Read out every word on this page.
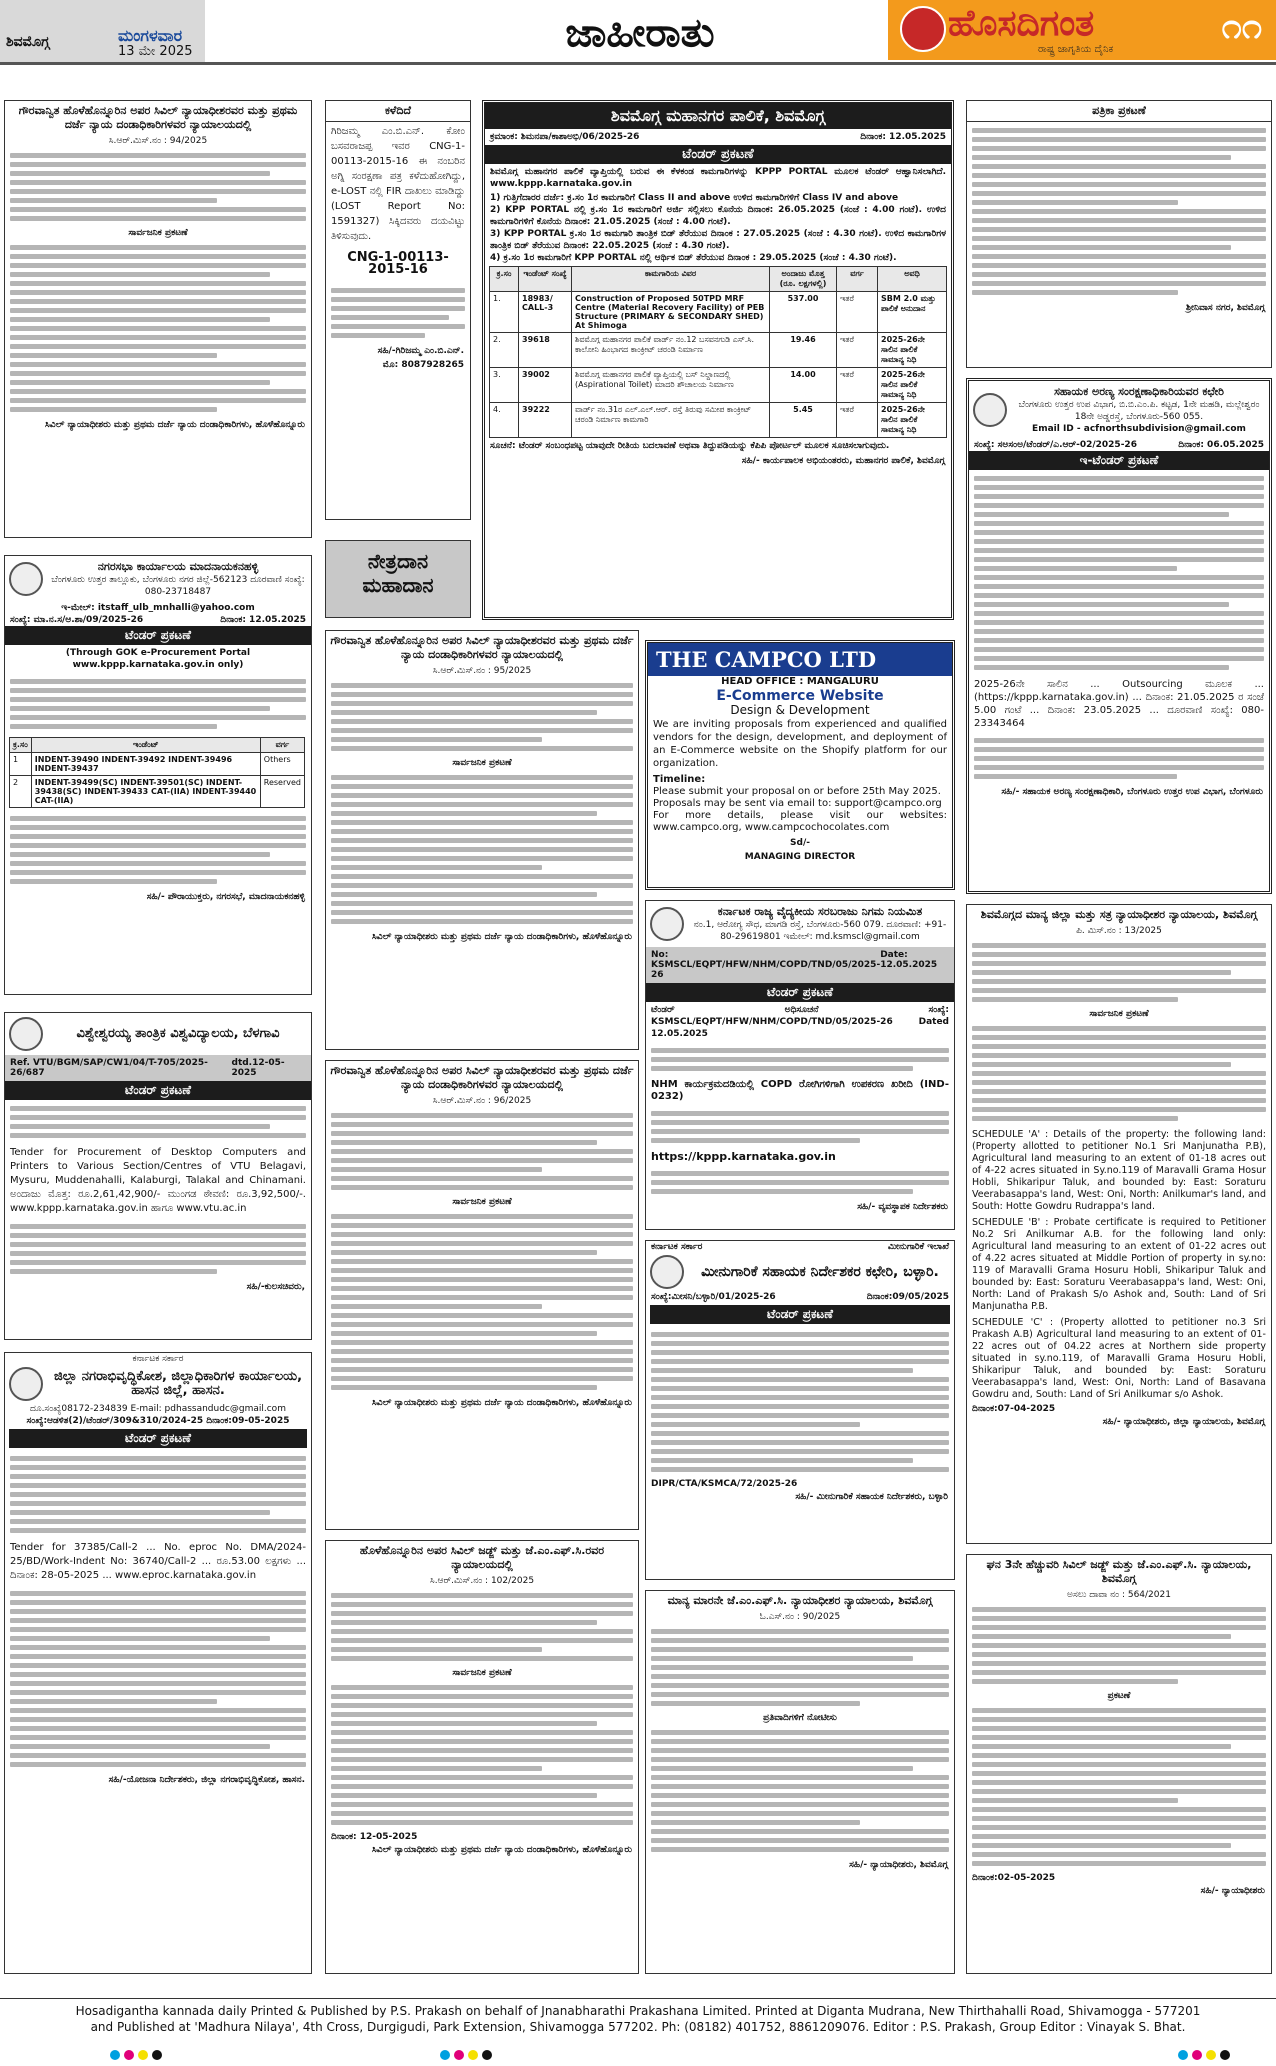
ಶಿವಮೊಗ್ಗ	ಮಂಗಳವಾರ
13 ಮೇ 2025	ಜಾಹೀರಾತು	ಹೊಸದಿಗಂತ
ರಾಷ್ಟ್ರ ಜಾಗೃತಿಯ ದೈನಿಕ
೧೧
ಗೌರವಾನ್ವಿತ ಹೊಳೆಹೊನ್ನೂರಿನ ಅಪರ ಸಿವಿಲ್ ನ್ಯಾಯಾಧೀಶರವರ ಮತ್ತು ಪ್ರಥಮ ದರ್ಜೆ ನ್ಯಾಯ ದಂಡಾಧಿಕಾರಿಗಳವರ ನ್ಯಾಯಾಲಯದಲ್ಲಿ
ಸಿ.ಆರ್.ಮಿಸ್.ನಂ : 94/2025
ಸಾರ್ವಜನಿಕ ಪ್ರಕಟಣೆ
ಸಿವಿಲ್ ನ್ಯಾಯಾಧೀಶರು ಮತ್ತು ಪ್ರಥಮ ದರ್ಜೆ ನ್ಯಾಯ ದಂಡಾಧಿಕಾರಿಗಳು, ಹೊಳೆಹೊನ್ನೂರು
ನಗರಸಭಾ ಕಾರ್ಯಾಲಯ ಮಾದನಾಯಕನಹಳ್ಳಿ
ಬೆಂಗಳೂರು ಉತ್ತರ ತಾಲ್ಲೂಕು, ಬೆಂಗಳೂರು ನಗರ ಜಿಲ್ಲೆ-562123 ದೂರವಾಣಿ ಸಂಖ್ಯೆ: 080-23718487
ಇ-ಮೇಲ್: itstaff_ulb_mnhalli@yahoo.com
ಸಂಖ್ಯೆ: ಮಾ.ನ.ಸ/ಆ.ಶಾ/09/2025-26	ದಿನಾಂಕ: 12.05.2025
ಟೆಂಡರ್ ಪ್ರಕಟಣೆ
(Through GOK e-Procurement Portal www.kppp.karnataka.gov.in only)
ಕ್ರ.ಸಂ	ಇಂಡೆಂಟ್	ವರ್ಗ
1	INDENT-39490 INDENT-39492 INDENT-39496 INDENT-39437	Others
2	INDENT-39499(SC) INDENT-39501(SC) INDENT-39438(SC) INDENT-39433 CAT-(IIA) INDENT-39440 CAT-(IIA)	Reserved
ಸಹಿ/- ಪೌರಾಯುಕ್ತರು, ನಗರಸಭೆ, ಮಾದನಾಯಕನಹಳ್ಳಿ
ವಿಶ್ವೇಶ್ವರಯ್ಯ ತಾಂತ್ರಿಕ ವಿಶ್ವವಿದ್ಯಾಲಯ, ಬೆಳಗಾವಿ
Ref. VTU/BGM/SAP/CW1/04/T-705/2025-26/687
dtd.12-05-2025
ಟೆಂಡರ್ ಪ್ರಕಟಣೆ
Tender for Procurement of Desktop Computers and Printers to Various Section/Centres of VTU Belagavi, Mysuru, Muddenahalli, Kalaburgi, Talakal and Chinamani. ಅಂದಾಜು ಮೊತ್ತ: ರೂ.2,61,42,900/- ಮುಂಗಡ ಠೇವಣಿ: ರೂ.3,92,500/-. www.kppp.karnataka.gov.in ಹಾಗೂ www.vtu.ac.in
ಸಹಿ/-ಕುಲಸಚಿವರು,
ಕರ್ನಾಟಕ ಸರ್ಕಾರ
ಜಿಲ್ಲಾ ನಗರಾಭಿವೃದ್ಧಿಕೋಶ, ಜಿಲ್ಲಾಧಿಕಾರಿಗಳ ಕಾರ್ಯಾಲಯ, ಹಾಸನ ಜಿಲ್ಲೆ, ಹಾಸನ.
ದೂ.ಸಂಖ್ಯೆ08172-234839 E-mail: pdhassandudc@gmail.com
ಸಂಖ್ಯೆ:ಆಡಳಿತ(2)/ಟೆಂಡರ್/309&310/2024-25 ದಿನಾಂಕ:09-05-2025
ಟೆಂಡರ್ ಪ್ರಕಟಣೆ
Tender for 37385/Call-2 ... No. eproc No. DMA/2024-25/BD/Work-Indent No: 36740/Call-2 ... ರೂ.53.00 ಲಕ್ಷಗಳು ... ದಿನಾಂಕ: 28-05-2025 ... www.eproc.karnataka.gov.in
ಸಹಿ/-ಯೋಜನಾ ನಿರ್ದೇಶಕರು, ಜಿಲ್ಲಾ ನಗರಾಭಿವೃದ್ಧಿಕೋಶ, ಹಾಸನ.
ಕಳೆದಿದೆ
ಗಿರಿಜಮ್ಮ ಎಂ.ಬಿ.ಎನ್. ಕೋಂ ಬಸವರಾಜಪ್ಪ ಇವರ CNG-1-00113-2015-16 ಈ ನಂಬರಿನ ಅಗ್ನಿ ಸಂರಕ್ಷಣಾ ಪತ್ರ ಕಳೆದುಹೋಗಿದ್ದು, e-LOST ನಲ್ಲಿ FIR ದಾಖಲು ಮಾಡಿದ್ದು (LOST Report No: 1591327) ಸಿಕ್ಕಿದವರು ದಯವಿಟ್ಟು ತಿಳಿಸುವುದು.
CNG-1-00113-2015-16
ಸಹಿ/-ಗಿರಿಜಮ್ಮ ಎಂ.ಬಿ.ಎನ್.
ಮೊ: 8087928265
ನೇತ್ರದಾನ
ಮಹಾದಾನ
ಗೌರವಾನ್ವಿತ ಹೊಳೆಹೊನ್ನೂರಿನ ಅಪರ ಸಿವಿಲ್ ನ್ಯಾಯಾಧೀಶರವರ ಮತ್ತು ಪ್ರಥಮ ದರ್ಜೆ ನ್ಯಾಯ ದಂಡಾಧಿಕಾರಿಗಳವರ ನ್ಯಾಯಾಲಯದಲ್ಲಿ
ಸಿ.ಆರ್.ಮಿಸ್.ನಂ : 95/2025
ಸಾರ್ವಜನಿಕ ಪ್ರಕಟಣೆ
ಸಿವಿಲ್ ನ್ಯಾಯಾಧೀಶರು ಮತ್ತು ಪ್ರಥಮ ದರ್ಜೆ ನ್ಯಾಯ ದಂಡಾಧಿಕಾರಿಗಳು, ಹೊಳೆಹೊನ್ನೂರು
ಗೌರವಾನ್ವಿತ ಹೊಳೆಹೊನ್ನೂರಿನ ಅಪರ ಸಿವಿಲ್ ನ್ಯಾಯಾಧೀಶರವರ ಮತ್ತು ಪ್ರಥಮ ದರ್ಜೆ ನ್ಯಾಯ ದಂಡಾಧಿಕಾರಿಗಳವರ ನ್ಯಾಯಾಲಯದಲ್ಲಿ
ಸಿ.ಆರ್.ಮಿಸ್.ನಂ : 96/2025
ಸಾರ್ವಜನಿಕ ಪ್ರಕಟಣೆ
ಸಿವಿಲ್ ನ್ಯಾಯಾಧೀಶರು ಮತ್ತು ಪ್ರಥಮ ದರ್ಜೆ ನ್ಯಾಯ ದಂಡಾಧಿಕಾರಿಗಳು, ಹೊಳೆಹೊನ್ನೂರು
ಹೊಳೆಹೊನ್ನೂರಿನ ಅಪರ ಸಿವಿಲ್ ಜಡ್ಜ್ ಮತ್ತು ಜೆ.ಎಂ.ಎಫ್.ಸಿ.ರವರ ನ್ಯಾಯಾಲಯದಲ್ಲಿ
ಸಿ.ಆರ್.ಮಿಸ್.ನಂ : 102/2025
ಸಾರ್ವಜನಿಕ ಪ್ರಕಟಣೆ
ದಿನಾಂಕ: 12-05-2025
ಸಿವಿಲ್ ನ್ಯಾಯಾಧೀಶರು ಮತ್ತು ಪ್ರಥಮ ದರ್ಜೆ ನ್ಯಾಯ ದಂಡಾಧಿಕಾರಿಗಳು, ಹೊಳೆಹೊನ್ನೂರು
ಶಿವಮೊಗ್ಗ ಮಹಾನಗರ ಪಾಲಿಕೆ, ಶಿವಮೊಗ್ಗ
ಕ್ರಮಾಂಕ: ಶಿಮನಪಾ/ಕಾಶಾಅಭಿ/06/2025-26	ದಿನಾಂಕ: 12.05.2025
ಟೆಂಡರ್ ಪ್ರಕಟಣೆ
ಶಿವಮೊಗ್ಗ ಮಹಾನಗರ ಪಾಲಿಕೆ ವ್ಯಾಪ್ತಿಯಲ್ಲಿ ಬರುವ ಈ ಕೆಳಕಂಡ ಕಾಮಗಾರಿಗಳನ್ನು KPPP PORTAL ಮೂಲಕ ಟೆಂಡರ್ ಆಹ್ವಾನಿಸಲಾಗಿದೆ. www.kppp.karnataka.gov.in
1) ಗುತ್ತಿಗೆದಾರರ ದರ್ಜೆ: ಕ್ರ.ಸಂ 1ರ ಕಾಮಗಾರಿಗೆ Class II and above ಉಳಿದ ಕಾಮಗಾರಿಗಳಿಗೆ Class IV and above
2) KPP PORTAL ನಲ್ಲಿ ಕ್ರ.ಸಂ 1ರ ಕಾಮಗಾರಿಗೆ ಅರ್ಜಿ ಸಲ್ಲಿಸಲು ಕೊನೆಯ ದಿನಾಂಕ: 26.05.2025 (ಸಂಜೆ : 4.00 ಗಂಟೆ). ಉಳಿದ ಕಾಮಗಾರಿಗಳಿಗೆ ಕೊನೆಯ ದಿನಾಂಕ: 21.05.2025 (ಸಂಜೆ : 4.00 ಗಂಟೆ).
3) KPP PORTAL ಕ್ರ.ಸಂ 1ರ ಕಾಮಗಾರಿ ತಾಂತ್ರಿಕ ಬಿಡ್ ತೆರೆಯುವ ದಿನಾಂಕ : 27.05.2025 (ಸಂಜೆ : 4.30 ಗಂಟೆ). ಉಳಿದ ಕಾಮಗಾರಿಗಳ ತಾಂತ್ರಿಕ ಬಿಡ್ ತೆರೆಯುವ ದಿನಾಂಕ: 22.05.2025 (ಸಂಜೆ : 4.30 ಗಂಟೆ).
4) ಕ್ರ.ಸಂ 1ರ ಕಾಮಗಾರಿಗೆ KPP PORTAL ನಲ್ಲಿ ಆರ್ಥಿಕ ಬಿಡ್ ತೆರೆಯುವ ದಿನಾಂಕ : 29.05.2025 (ಸಂಜೆ : 4.30 ಗಂಟೆ).
ಕ್ರ.ಸಂ	ಇಂಡೆಂಟ್ ಸಂಖ್ಯೆ	ಕಾಮಗಾರಿಯ ವಿವರ	ಅಂದಾಜು ಮೊತ್ತ (ರೂ. ಲಕ್ಷಗಳಲ್ಲಿ)	ವರ್ಗ	ಅವಧಿ
1.	18983/ CALL-3	Construction of Proposed 50TPD MRF Centre (Material Recovery Facility) of PEB Structure (PRIMARY & SECONDARY SHED) At Shimoga	537.00	ಇತರೆ	SBM 2.0 ಮತ್ತು ಪಾಲಿಕೆ ಅನುದಾನ
2.	39618	ಶಿವಮೊಗ್ಗ ಮಹಾನಗರ ಪಾಲಿಕೆ ವಾರ್ಡ್ ನಂ.12 ಬಸವನಗುಡಿ ಎಸ್.ಸಿ. ಕಾಲೋನಿ ಹಿಂಭಾಗದ ಕಾಂಕ್ರೀಟ್ ಚರಂಡಿ ನಿರ್ಮಾಣ	19.46	ಇತರೆ	2025-26ನೇ ಸಾಲಿನ ಪಾಲಿಕೆ ಸಾಮಾನ್ಯ ನಿಧಿ
3.	39002	ಶಿವಮೊಗ್ಗ ಮಹಾನಗರ ಪಾಲಿಕೆ ವ್ಯಾಪ್ತಿಯಲ್ಲಿ ಬಸ್ ನಿಲ್ದಾಣದಲ್ಲಿ (Aspirational Toilet) ಮಾದರಿ ಶೌಚಾಲಯ ನಿರ್ಮಾಣ	14.00	ಇತರೆ	2025-26ನೇ ಸಾಲಿನ ಪಾಲಿಕೆ ಸಾಮಾನ್ಯ ನಿಧಿ
4.	39222	ವಾರ್ಡ್ ನಂ.31ರ ಎಲ್.ಎಲ್.ಆರ್. ರಸ್ತೆ ತಿರುವು ಸಮೀಪ ಕಾಂಕ್ರೀಟ್ ಚರಂಡಿ ನಿರ್ಮಾಣ ಕಾಮಗಾರಿ	5.45	ಇತರೆ	2025-26ನೇ ಸಾಲಿನ ಪಾಲಿಕೆ ಸಾಮಾನ್ಯ ನಿಧಿ
ಸೂಚನೆ: ಟೆಂಡರ್ ಸಂಬಂಧಪಟ್ಟ ಯಾವುದೇ ರೀತಿಯ ಬದಲಾವಣೆ ಅಥವಾ ತಿದ್ದುಪಡಿಯನ್ನು ಕೆಪಿಪಿ ಪೋರ್ಟಲ್ ಮೂಲಕ ಸೂಚಿಸಲಾಗುವುದು.
ಸಹಿ/- ಕಾರ್ಯಪಾಲಕ ಅಭಿಯಂತರರು, ಮಹಾನಗರ ಪಾಲಿಕೆ, ಶಿವಮೊಗ್ಗ
THE CAMPCO LTD
HEAD OFFICE : MANGALURU
E-Commerce Website
Design & Development
We are inviting proposals from experienced and qualified vendors for the design, development, and deployment of an E-Commerce website on the Shopify platform for our organization.
Timeline:
Please submit your proposal on or before 25th May 2025.
Proposals may be sent via email to: support@campco.org
For more details, please visit our websites: www.campco.org, www.campcochocolates.com
Sd/-
MANAGING DIRECTOR
ಕರ್ನಾಟಕ ರಾಜ್ಯ ವೈದ್ಯಕೀಯ ಸರಬರಾಜು ನಿಗಮ ನಿಯಮಿತ
ನಂ.1, ಆರೋಗ್ಯ ಸೌಧ, ಮಾಗಡಿ ರಸ್ತೆ, ಬೆಂಗಳೂರು-560 079. ದೂರವಾಣಿ: +91-80-29619801 ಇಮೇಲ್: md.ksmscl@gmail.com
No: KSMSCL/EQPT/HFW/NHM/COPD/TND/05/2025-26
Date: 12.05.2025
ಟೆಂಡರ್ ಪ್ರಕಟಣೆ
ಟೆಂಡರ್ ಅಧಿಸೂಚನೆ ಸಂಖ್ಯೆ: KSMSCL/EQPT/HFW/NHM/COPD/TND/05/2025-26 Dated 12.05.2025
NHM ಕಾರ್ಯಕ್ರಮದಡಿಯಲ್ಲಿ COPD ರೋಗಿಗಳಿಗಾಗಿ ಉಪಕರಣ ಖರೀದಿ (IND-0232)
https://kppp.karnataka.gov.in
ಸಹಿ/- ವ್ಯವಸ್ಥಾಪಕ ನಿರ್ದೇಶಕರು
ಕರ್ನಾಟಕ ಸರ್ಕಾರ	ಮೀನುಗಾರಿಕೆ ಇಲಾಖೆ
ಮೀನುಗಾರಿಕೆ ಸಹಾಯಕ ನಿರ್ದೇಶಕರ ಕಛೇರಿ, ಬಳ್ಳಾರಿ.
ಸಂಖ್ಯೆ:ಮೀಸನಿ/ಬಳ್ಳಾರಿ/01/2025-26	ದಿನಾಂಕ:09/05/2025
ಟೆಂಡರ್ ಪ್ರಕಟಣೆ
DIPR/CTA/KSMCA/72/2025-26
ಸಹಿ/- ಮೀನುಗಾರಿಕೆ ಸಹಾಯಕ ನಿರ್ದೇಶಕರು, ಬಳ್ಳಾರಿ
ಮಾನ್ಯ ಮಾರನೇ ಜೆ.ಎಂ.ಎಫ್.ಸಿ. ನ್ಯಾಯಾಧೀಶರ ನ್ಯಾಯಾಲಯ, ಶಿವಮೊಗ್ಗ
ಓ.ಎಸ್.ನಂ : 90/2025
ಪ್ರತಿವಾದಿಗಳಿಗೆ ನೋಟೀಸು
ಸಹಿ/- ನ್ಯಾಯಾಧೀಶರು, ಶಿವಮೊಗ್ಗ
ಪತ್ರಿಕಾ ಪ್ರಕಟಣೆ
ಶ್ರೀನಿವಾಸ ನಗರ, ಶಿವಮೊಗ್ಗ
ಸಹಾಯಕ ಅರಣ್ಯ ಸಂರಕ್ಷಣಾಧಿಕಾರಿಯವರ ಕಛೇರಿ
ಬೆಂಗಳೂರು ಉತ್ತರ ಉಪ ವಿಭಾಗ, ಬಿ.ಬಿ.ಎಂ.ಪಿ. ಕಟ್ಟಡ, 1ನೇ ಮಹಡಿ, ಮಲ್ಲೇಶ್ವರಂ 18ನೇ ಅಡ್ಡರಸ್ತೆ, ಬೆಂಗಳೂರು-560 055.
Email ID - acfnorthsubdivision@gmail.com
ಸಂಖ್ಯೆ: ಸಅಸಂಅ/ಟೆಂಡರ್/ಎ.ಆರ್-02/2025-26	ದಿನಾಂಕ: 06.05.2025
ಇ-ಟೆಂಡರ್ ಪ್ರಕಟಣೆ
2025-26ನೇ ಸಾಲಿನ ... Outsourcing ಮೂಲಕ ... (https://kppp.karnataka.gov.in) ... ದಿನಾಂಕ: 21.05.2025 ರ ಸಂಜೆ 5.00 ಗಂಟೆ ... ದಿನಾಂಕ: 23.05.2025 ... ದೂರವಾಣಿ ಸಂಖ್ಯೆ: 080-23343464
ಸಹಿ/- ಸಹಾಯಕ ಅರಣ್ಯ ಸಂರಕ್ಷಣಾಧಿಕಾರಿ, ಬೆಂಗಳೂರು ಉತ್ತರ ಉಪ ವಿಭಾಗ, ಬೆಂಗಳೂರು
ಶಿವಮೊಗ್ಗದ ಮಾನ್ಯ ಜಿಲ್ಲಾ ಮತ್ತು ಸತ್ರ ನ್ಯಾಯಾಧೀಶರ ನ್ಯಾಯಾಲಯ, ಶಿವಮೊಗ್ಗ
ಪಿ. ಮಿಸ್.ನಂ : 13/2025
ಸಾರ್ವಜನಿಕ ಪ್ರಕಟಣೆ
SCHEDULE 'A' : Details of the property: the following land: (Property allotted to petitioner No.1 Sri Manjunatha P.B), Agricultural land measuring to an extent of 01-18 acres out of 4-22 acres situated in Sy.no.119 of Maravalli Grama Hosur Hobli, Shikaripur Taluk, and bounded by: East: Soraturu Veerabasappa's land, West: Oni, North: Anilkumar's land, and South: Hotte Gowdru Rudrappa's land.
SCHEDULE 'B' : Probate certificate is required to Petitioner No.2 Sri Anilkumar A.B. for the following land only: Agricultural land measuring to an extent of 01-22 acres out of 4.22 acres situated at Middle Portion of property in sy.no: 119 of Maravalli Grama Hosuru Hobli, Shikaripur Taluk and bounded by: East: Soraturu Veerabasappa's land, West: Oni, North: Land of Prakash S/o Ashok and, South: Land of Sri Manjunatha P.B.
SCHEDULE 'C' : (Property allotted to petitioner no.3 Sri Prakash A.B) Agricultural land measuring to an extent of 01-22 acres out of 04.22 acres at Northern side property situated in sy.no.119, of Maravalli Grama Hosuru Hobli, Shikaripur Taluk, and bounded by: East: Soraturu Veerabasappa's land, West: Oni, North: Land of Basavana Gowdru and, South: Land of Sri Anilkumar s/o Ashok.
ದಿನಾಂಕ:07-04-2025
ಸಹಿ/- ನ್ಯಾಯಾಧೀಶರು, ಜಿಲ್ಲಾ ನ್ಯಾಯಾಲಯ, ಶಿವಮೊಗ್ಗ
ಘನ 3ನೇ ಹೆಚ್ಚುವರಿ ಸಿವಿಲ್ ಜಡ್ಜ್ ಮತ್ತು ಜೆ.ಎಂ.ಎಫ್.ಸಿ. ನ್ಯಾಯಾಲಯ, ಶಿವಮೊಗ್ಗ
ಅಸಲು ದಾವಾ ನಂ : 564/2021
ಪ್ರಕಟಣೆ
ದಿನಾಂಕ:02-05-2025
ಸಹಿ/- ನ್ಯಾಯಾಧೀಶರು
Hosadigantha kannada daily Printed & Published by P.S. Prakash on behalf of Jnanabharathi Prakashana Limited. Printed at Diganta Mudrana, New Thirthahalli Road, Shivamogga - 577201
and Published at 'Madhura Nilaya', 4th Cross, Durgigudi, Park Extension, Shivamogga 577202. Ph: (08182) 401752, 8861209076. Editor : P.S. Prakash, Group Editor : Vinayak S. Bhat.
